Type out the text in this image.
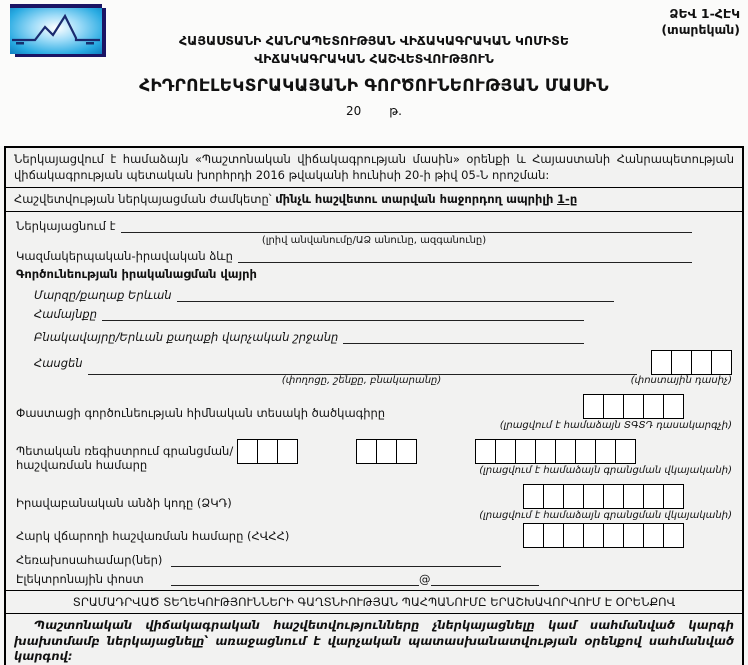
ՁԵՎ 1-ՀԷԿ
(տարեկան)
ՀԱՅԱՍՏԱՆԻ ՀԱՆՐԱՊԵՏՈՒԹՅԱՆ ՎԻՃԱԿԱԳՐԱԿԱՆ ԿՈՄԻՏԵ
ՎԻՃԱԿԱԳՐԱԿԱՆ ՀԱՇՎԵՏՎՈՒԹՅՈՒՆ
ՀԻԴՐՈԷԼԵԿՏՐԱԿԱՅԱՆԻ ԳՈՐԾՈՒՆԵՈՒԹՅԱՆ ՄԱՍԻՆ
20 թ.
Ներկայացվում է համաձայն «Պաշտոնական վիճակագրության մասին» օրենքի և Հայաստանի Հանրապետության վիճակագրության պետական խորհրդի 2016 թվականի հունիսի 20-ի թիվ 05-Ն որոշման:
Հաշվետվության ներկայացման ժամկետը՝ մինչև հաշվետու տարվան հաջորդող ապրիլի 1-ը
Ներկայացնում է
(լրիվ անվանումը/ԱՁ անունը, ազգանունը)
Կազմակերպական-իրավական ձևը
Գործունեության իրականացման վայրի
Մարզը/քաղաք Երևան
Համայնքը
Բնակավայրը/Երևան քաղաքի վարչական շրջանը
Հասցեն
(փողոցը, շենքը, բնակարանը)	(փոստային դասիչ)
Փաստացի գործունեության հիմնական տեսակի ծածկագիրը
(լրացվում է համաձայն ՏԳՏԴ դասակարգչի)
Պետական ռեգիստրում գրանցման/հաշվառման համարը	(լրացվում է համաձայն գրանցման վկայականի)
Իրավաբանական անձի կոդը (ՁԿԴ)
(լրացվում է համաձայն գրանցման վկայականի)
Հարկ վճարողի հաշվառման համարը (ՀՎՀՀ)
Հեռախոսահամար(ներ)
Էլեկտրոնային փոստ	@
ՏՐԱՄԱԴՐՎԱԾ ՏԵՂԵԿՈՒԹՅՈՒՆՆԵՐԻ ԳԱՂՏՆԻՈՒԹՅԱՆ ՊԱՀՊԱՆՈՒՄԸ ԵՐԱՇԽԱՎՈՐՎՈՒՄ Է ՕՐԵՆՔՈՎ
Պաշտոնական վիճակագրական հաշվետվությունները չներկայացնելը կամ սահմանված կարգի խախտմամբ ներկայացնելը՝ առաջացնում է վարչական պատասխանատվության օրենքով սահմանված կարգով:
